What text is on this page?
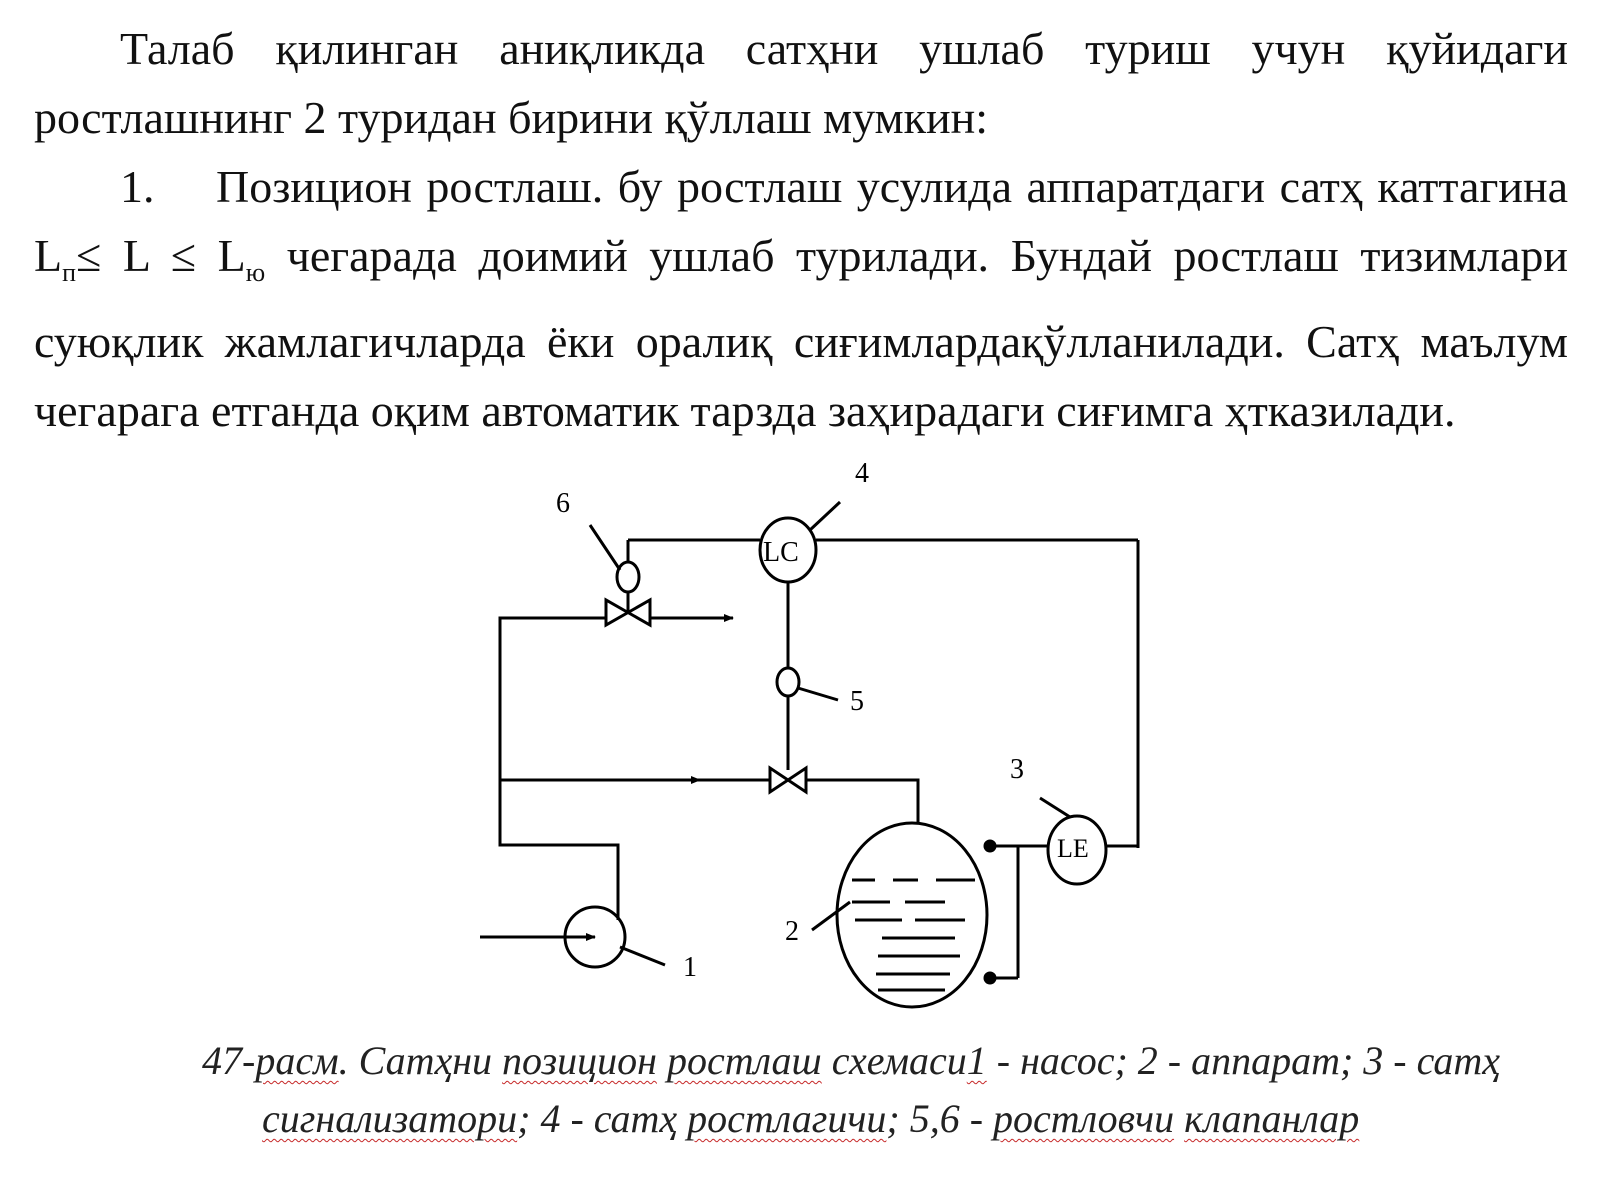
Талаб қилинган аниқликда сатҳни ушлаб туриш учун қуйидаги ростлашнинг 2 туридан бирини қўллаш мумкин:

1. Позицион ростлаш. бу ростлаш усулида аппаратдаги сатҳ каттагина $L_п\le L \le L_ю$ чегарада доимий ушлаб турилади. Бундай ростлаш тизимлари суюқлик жамлагичларда ёки оралиқ сиғимлардақўлланилади. Сатҳ маълум чегарага етганда оқим автоматик тарзда заҳирадаги сиғимга ҳтказилади.

LC
LE
1
2
3
4
5
6
47-расм. Сатҳни позицион ростлаш схемаси1 - насос; 2 - аппарат; 3 - сатҳ
сигнализатори; 4 - сатҳ ростлагичи; 5,6 - ростловчи клапанлар
